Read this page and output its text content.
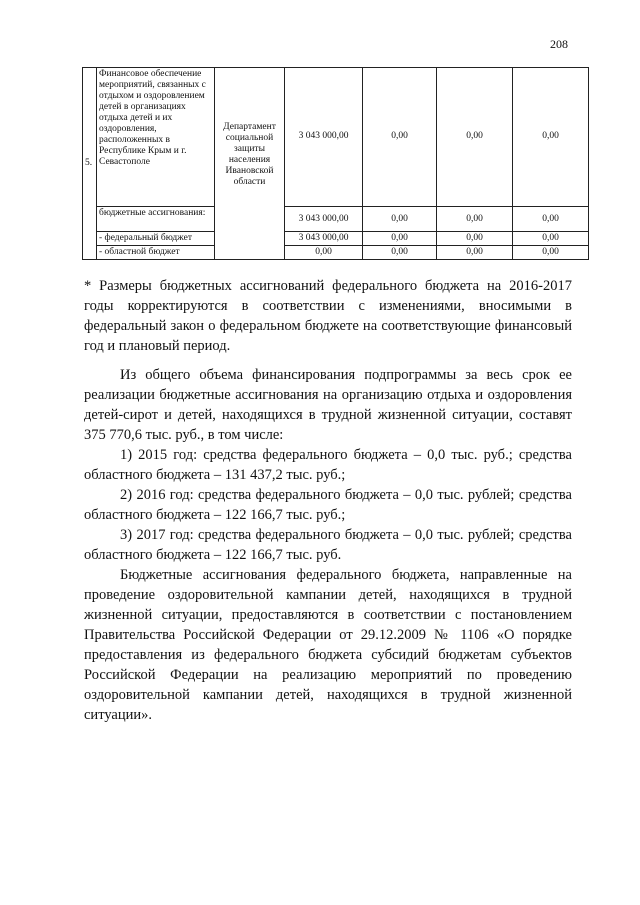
208
5.	Финансовое обеспечение мероприятий, связанных с отдыхом и оздоровлением детей в организациях отдыха детей и их оздоровления, расположенных в Республике Крым и г. Севастополе	Департамент социальной защиты населения Ивановской области	3 043 000,00	0,00	0,00	0,00
	бюджетные ассигнования:		3 043 000,00	0,00	0,00	0,00
	- федеральный бюджет		3 043 000,00	0,00	0,00	0,00
	- областной бюджет		0,00	0,00	0,00	0,00

* Размеры бюджетных ассигнований федерального бюджета на 2016-2017 годы корректируются в соответствии с изменениями, вносимыми в федеральный закон о федеральном бюджете на соответствующие финансовый год и плановый период.

Из общего объема финансирования подпрограммы за весь срок ее реализации бюджетные ассигнования на организацию отдыха и оздоровления детей-сирот и детей, находящихся в трудной жизненной ситуации, составят 375 770,6 тыс. руб., в том числе:

1) 2015 год: средства федерального бюджета – 0,0 тыс. руб.; средства областного бюджета – 131 437,2 тыс. руб.;

2) 2016 год: средства федерального бюджета – 0,0 тыс. рублей; средства областного бюджета – 122 166,7 тыс. руб.;

3) 2017 год: средства федерального бюджета – 0,0 тыс. рублей; средства областного бюджета – 122 166,7 тыс. руб.

Бюджетные ассигнования федерального бюджета, направленные на проведение оздоровительной кампании детей, находящихся в трудной жизненной ситуации, предоставляются в соответствии с постановлением Правительства Российской Федерации от 29.12.2009 № 1106 «О порядке предоставления из федерального бюджета субсидий бюджетам субъектов Российской Федерации на реализацию мероприятий по проведению оздоровительной кампании детей, находящихся в трудной жизненной ситуации».
